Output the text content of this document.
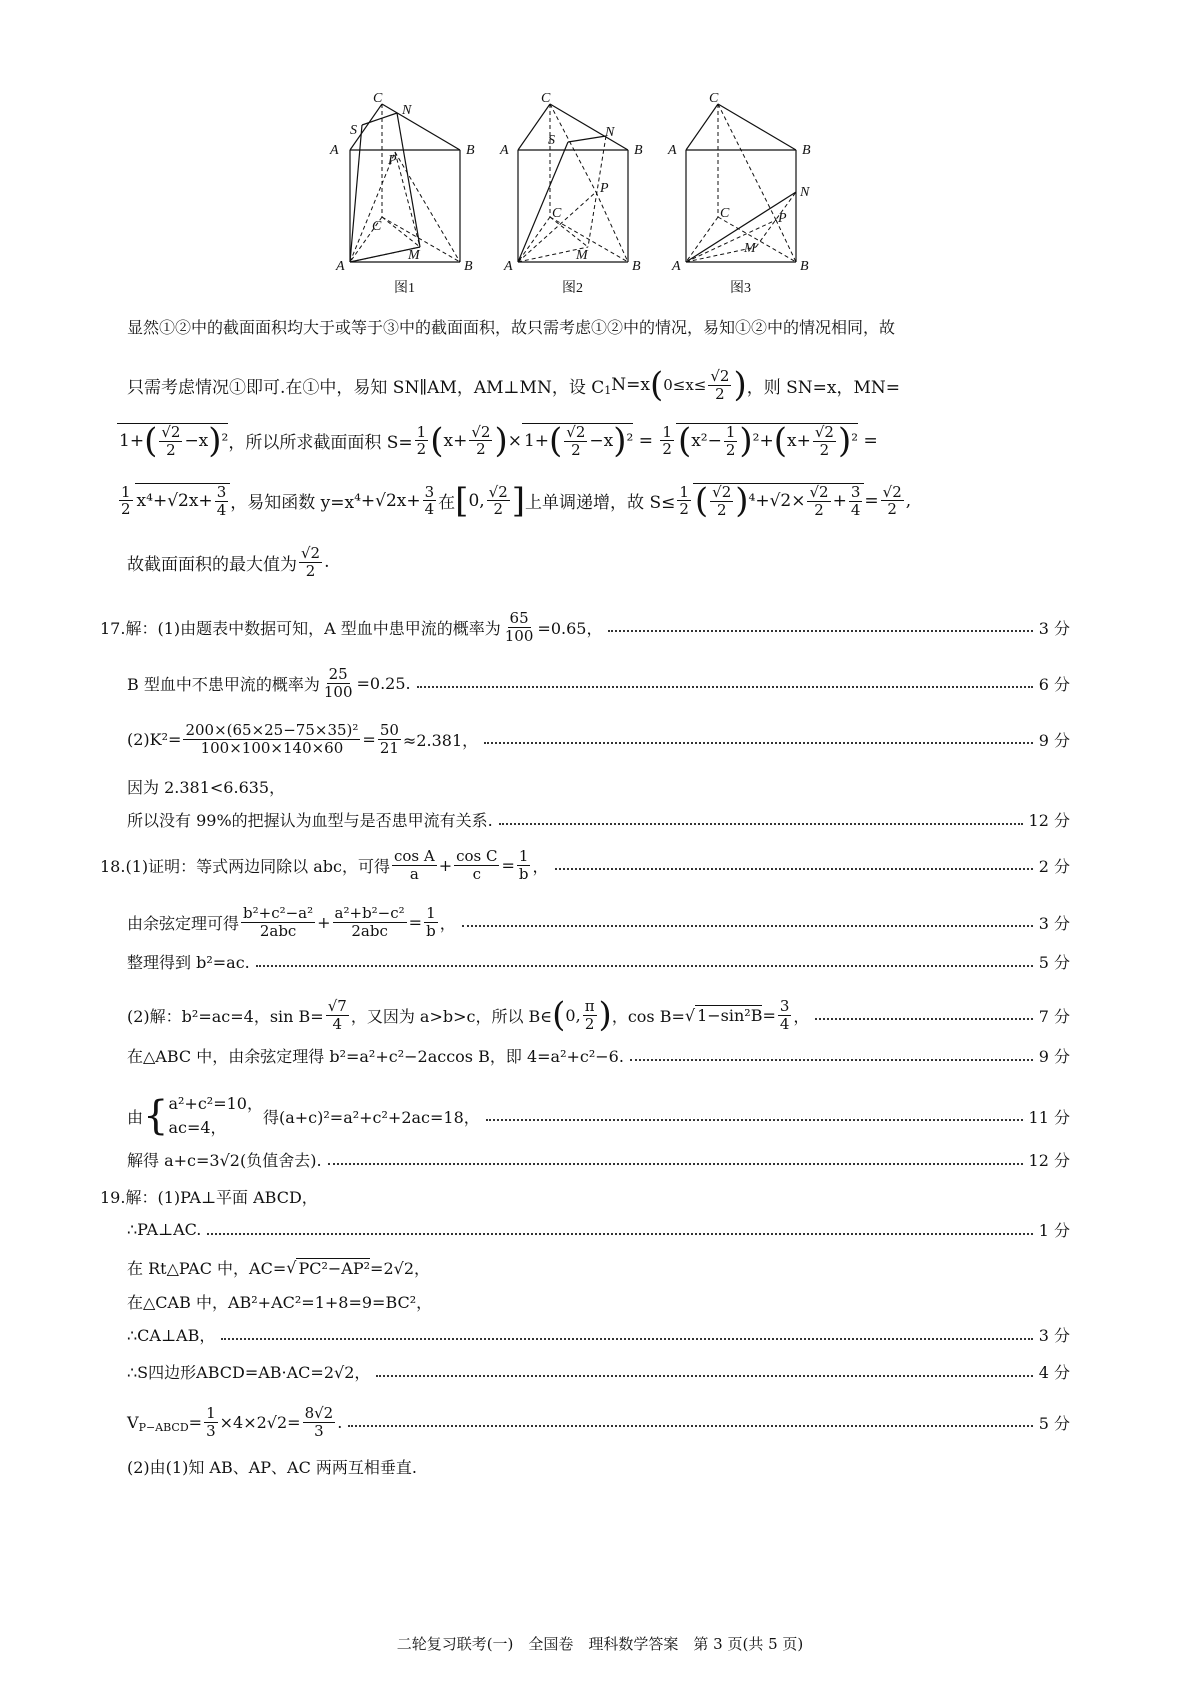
C
N
S
A	B
P
C
M
A	B
图1
C
N
S
A	B
P
C
M
A	B
图2
C
A	B
N
C	P
M
A	B
图3
显然①②中的截面面积均大于或等于③中的截面面积，故只需考虑①②中的情况，易知①②中的情况相同，故
只需考虑情况①即可.在①中，易知 SN∥AM，AM⊥MN，设 C 1 N=x ( $0\le x\le \frac{√2}{2}$ ) ，则 SN=x，MN=
1+ ( $\frac{√2}{2} -x$ ) ² ，所以所求截面面积 $S= \frac{1}{2}$ ( $x+ \frac{√2}{2}$ ) × 1+ ( $\frac{√2}{2} -x$ ) $^2 = \frac{1}{2}$ ( $x^2- \frac{1}{2}$ ) ²+ ( $x+ \frac{√2}{2}$ ) ² =
$\frac{1}{2} x^4+√2x+ \frac{3}{4}$ ，易知函数 y=x $^4+√2x+ \frac{3}{4}$ 在 [ 0, $\frac{√2}{2}$ ] 上单调递增，故 $S\le \frac{1}{2}$ ( $\frac{√2}{2}$ ) $^4+√2\times \frac{√2}{2} + \frac{3}{4} = \frac{√2}{2}$ ,
故截面面积的最大值为 $\frac{√2}{2}$ .
17.解：(1)由题表中数据可知，A 型血中患甲流的概率为 $\frac{65}{100} =0.65$，	3 分
B 型血中不患甲流的概率为 $\frac{25}{100} =0.25$.	6 分
$(2)K^2= \frac{\text{200×(65×25−75×35)²}}{100\times 100\times 140\times 60} = \frac{50}{21} \approx 2.381$，	9 分
因为 2.381<6.635，
所以没有 99%的把握认为血型与是否患甲流有关系.	12 分
18.(1)证明：等式两边同除以 abc，可得 $\frac{\text{cos A}}{a} + \frac{\text{cos C}}{c} = \frac{1}{b}$ ，	2 分
由余弦定理可得 $\frac{\text{b²+c²−a²}}{\text{2abc}} + \frac{\text{a²+b²−c²}}{\text{2abc}} = \frac{1}{b}$ ，	3 分
整理得到 b²=ac.	5 分
(2)解：b²=ac=4，$\sin B= \frac{√7}{4}$ ，又因为 a>b>c，所以 B∈ ( 0, $\frac{\pi}{2}$ ) ，cos B= √ $1-\sin^2B = \frac{3}{4}$ ，	7 分
在△ABC 中，由余弦定理得 b²=a²+c²−2accos B，即 4=a²+c²−6.	9 分
由 { a²+c²=10，
ac=4，
得(a+c)²=a²+c²+2ac=18，	11 分
解得 a+c=3√2(负值舍去).	12 分
19.解：(1)PA⊥平面 ABCD，
∴PA⊥AC.	1 分
在 Rt△PAC 中，AC= √ PC²−AP² =2√2，
在△CAB 中，AB²+AC²=1+8=9=BC²，
∴CA⊥AB，	3 分
∴S四边形ABCD=AB·AC=2√2，	4 分
V P−ABCD = $\frac{1}{3} \times 4\times 2√2= \frac{8√2}{3}$ .	5 分
(2)由(1)知 AB、AP、AC 两两互相垂直.
二轮复习联考(一)　全国卷　理科数学答案　第 3 页(共 5 页)
